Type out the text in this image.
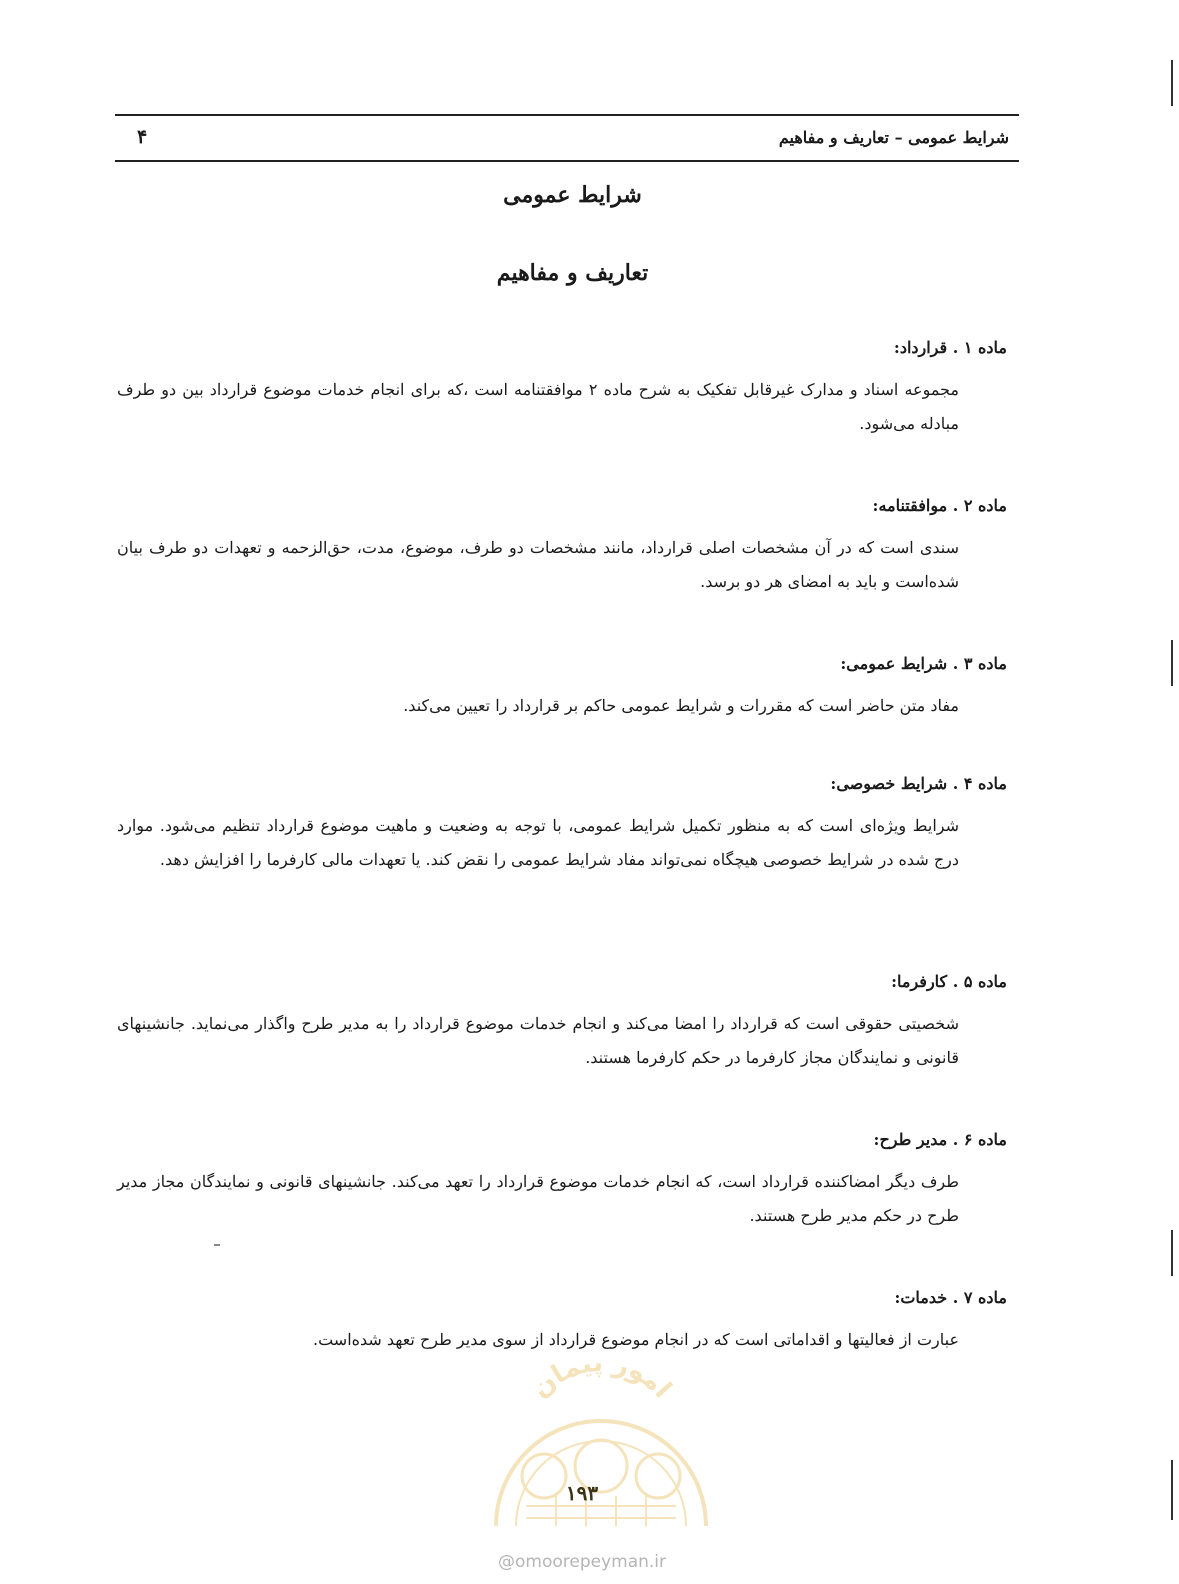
شرایط عمومی – تعاریف و مفاهیم
۴
شرایط عمومی
تعاریف و مفاهیم

ماده ۱ . قرارداد:

مجموعه اسناد و مدارک غیرقابل تفکیک به شرح ماده ۲ موافقتنامه است ،که برای انجام خدمات موضوع قرارداد بین دو طرف مبادله می‌شود.

ماده ۲ . موافقتنامه:

سندی است که در آن مشخصات اصلی قرارداد، مانند مشخصات دو طرف، موضوع، مدت، حق‌الزحمه و تعهدات دو طرف بیان شده‌است و باید به امضای هر دو برسد.

ماده ۳ . شرایط عمومی:

مفاد متن حاضر است که مقررات و شرایط عمومی حاکم بر قرارداد را تعیین می‌کند.

ماده ۴ . شرایط خصوصی:

شرایط ویژه‌ای است که به منظور تکمیل شرایط عمومی، با توجه به وضعیت و ماهیت موضوع قرارداد تنظیم می‌شود. موارد درج شده در شرایط خصوصی هیچگاه نمی‌تواند مفاد شرایط عمومی را نقض کند. یا تعهدات مالی کارفرما را افزایش دهد.

ماده ۵ . کارفرما:

شخصیتی حقوقی است که قرارداد را امضا می‌کند و انجام خدمات موضوع قرارداد را به مدیر طرح واگذار می‌نماید. جانشینهای قانونی و نمایندگان مجاز کارفرما در حکم کارفرما هستند.

ماده ۶ . مدیر طرح:

طرف دیگر امضاکننده قرارداد است، که انجام خدمات موضوع قرارداد را تعهد می‌کند. جانشینهای قانونی و نمایندگان مجاز مدیر طرح در حکم مدیر طرح هستند.

ماده ۷ . خدمات:

عبارت از فعالیتها و اقداماتی است که در انجام موضوع قرارداد از سوی مدیر طرح تعهد شده‌است.

امور پیمان
۱۹۳
@omoorepeyman.ir
